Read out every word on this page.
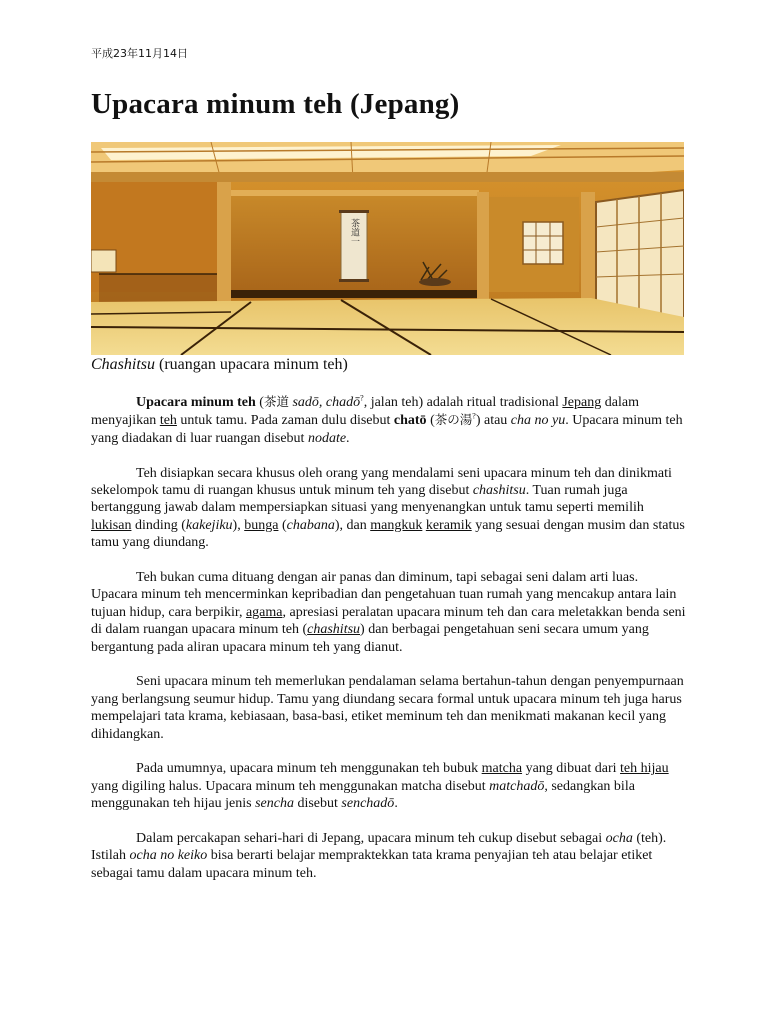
平成23年11月14日
Upacara minum teh (Jepang)
茶道一
Chashitsu (ruangan upacara minum teh)

Upacara minum teh (茶道 sadō, chadō?, jalan teh) adalah ritual tradisional Jepang dalam menyajikan teh untuk tamu. Pada zaman dulu disebut chatō (茶の湯?) atau cha no yu. Upacara minum teh yang diadakan di luar ruangan disebut nodate.

Teh disiapkan secara khusus oleh orang yang mendalami seni upacara minum teh dan dinikmati sekelompok tamu di ruangan khusus untuk minum teh yang disebut chashitsu. Tuan rumah juga bertanggung jawab dalam mempersiapkan situasi yang menyenangkan untuk tamu seperti memilih lukisan dinding (kakejiku), bunga (chabana), dan mangkuk keramik yang sesuai dengan musim dan status tamu yang diundang.

Teh bukan cuma dituang dengan air panas dan diminum, tapi sebagai seni dalam arti luas. Upacara minum teh mencerminkan kepribadian dan pengetahuan tuan rumah yang mencakup antara lain tujuan hidup, cara berpikir, agama, apresiasi peralatan upacara minum teh dan cara meletakkan benda seni di dalam ruangan upacara minum teh (chashitsu) dan berbagai pengetahuan seni secara umum yang bergantung pada aliran upacara minum teh yang dianut.

Seni upacara minum teh memerlukan pendalaman selama bertahun-tahun dengan penyempurnaan yang berlangsung seumur hidup. Tamu yang diundang secara formal untuk upacara minum teh juga harus mempelajari tata krama, kebiasaan, basa-basi, etiket meminum teh dan menikmati makanan kecil yang dihidangkan.

Pada umumnya, upacara minum teh menggunakan teh bubuk matcha yang dibuat dari teh hijau yang digiling halus. Upacara minum teh menggunakan matcha disebut matchadō, sedangkan bila menggunakan teh hijau jenis sencha disebut senchadō.

Dalam percakapan sehari-hari di Jepang, upacara minum teh cukup disebut sebagai ocha (teh). Istilah ocha no keiko bisa berarti belajar mempraktekkan tata krama penyajian teh atau belajar etiket sebagai tamu dalam upacara minum teh.
